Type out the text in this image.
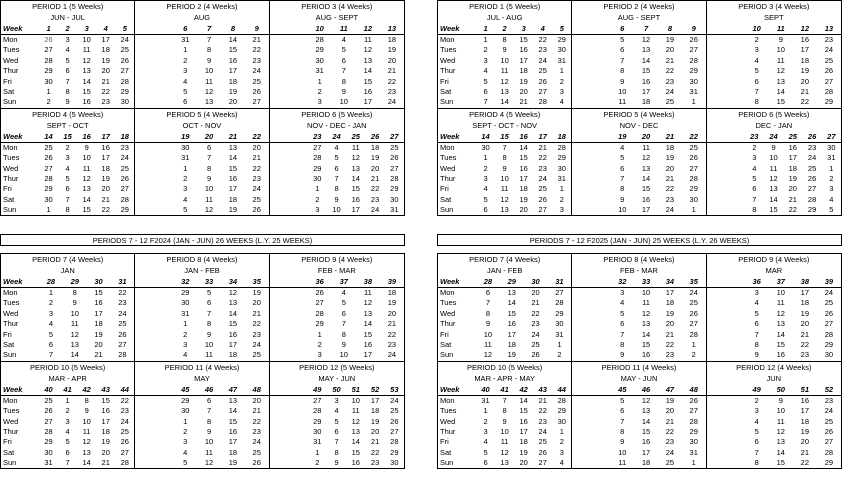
PERIOD 1 (5 Weeks)
JUN - JUL
Week	1	2	3	4	5
Mon	26	3	10	17	24
Tues	27	4	11	18	25
Wed	28	5	12	19	26
Thur	29	6	13	20	27
Fri	30	7	14	21	28
Sat	1	8	15	22	29
Sun	2	9	16	23	30
PERIOD 2 (4 Weeks)
AUG
6	7	8	9
31	7	14	21
1	8	15	22
2	9	16	23
3	10	17	24
4	11	18	25
5	12	19	26
6	13	20	27
PERIOD 3 (4 Weeks)
AUG - SEPT
10	11	12	13
28	4	11	18
29	5	12	19
30	6	13	20
31	7	14	21
1	8	15	22
2	9	16	23
3	10	17	24
PERIOD 4 (5 Weeks)
SEPT - OCT
Week	14	15	16	17	18
Mon	25	2	9	16	23
Tues	26	3	10	17	24
Wed	27	4	11	18	25
Thur	28	5	12	19	26
Fri	29	6	13	20	27
Sat	30	7	14	21	28
Sun	1	8	15	22	29
PERIOD 5 (4 Weeks)
OCT - NOV
19	20	21	22
30	6	13	20
31	7	14	21
1	8	15	22
2	9	16	23
3	10	17	24
4	11	18	25
5	12	19	26
PERIOD 6 (5 Weeks)
NOV - DEC - JAN
23	24	25	26	27
27	4	11	18	25
28	5	12	19	26
29	6	13	20	27
30	7	14	21	28
1	8	15	22	29
2	9	16	23	30
3	10	17	24	31
PERIODS 7 - 12 F2024 (JAN - JUN) 26 WEEKS (L.Y. 25 WEEKS)
PERIOD 7 (4 Weeks)
JAN
Week	28	29	30	31
Mon	1	8	15	22
Tues	2	9	16	23
Wed	3	10	17	24
Thur	4	11	18	25
Fri	5	12	19	26
Sat	6	13	20	27
Sun	7	14	21	28
PERIOD 8 (4 Weeks)
JAN - FEB
32	33	34	35
29	5	12	19
30	6	13	20
31	7	14	21
1	8	15	22
2	9	16	23
3	10	17	24
4	11	18	25
PERIOD 9 (4 Weeks)
FEB - MAR
36	37	38	39
26	4	11	18
27	5	12	19
28	6	13	20
29	7	14	21
1	8	15	22
2	9	16	23
3	10	17	24
PERIOD 10 (5 Weeks)
MAR - APR
Week	40	41	42	43	44
Mon	25	1	8	15	22
Tues	26	2	9	16	23
Wed	27	3	10	17	24
Thur	28	4	11	18	25
Fri	29	5	12	19	26
Sat	30	6	13	20	27
Sun	31	7	14	21	28
PERIOD 11 (4 Weeks)
MAY
45	46	47	48
29	6	13	20
30	7	14	21
1	8	15	22
2	9	16	23
3	10	17	24
4	11	18	25
5	12	19	26
PERIOD 12 (5 Weeks)
MAY - JUN
49	50	51	52	53
27	3	10	17	24
28	4	11	18	25
29	5	12	19	26
30	6	13	20	27
31	7	14	21	28
1	8	15	22	29
2	9	16	23	30
PERIOD 1 (5 Weeks)
JUL - AUG
Week	1	2	3	4	5
Mon	1	8	15	22	29
Tues	2	9	16	23	30
Wed	3	10	17	24	31
Thur	4	11	18	25	1
Fri	5	12	19	26	2
Sat	6	13	20	27	3
Sun	7	14	21	28	4
PERIOD 2 (4 Weeks)
AUG - SEPT
6	7	8	9
5	12	19	26
6	13	20	27
7	14	21	28
8	15	22	29
9	16	23	30
10	17	24	31
11	18	25	1
PERIOD 3 (4 Weeks)
SEPT
10	11	12	13
2	9	16	23
3	10	17	24
4	11	18	25
5	12	19	26
6	13	20	27
7	14	21	28
8	15	22	29
PERIOD 4 (5 Weeks)
SEPT - OCT - NOV
Week	14	15	16	17	18
Mon	30	7	14	21	28
Tues	1	8	15	22	29
Wed	2	9	16	23	30
Thur	3	10	17	24	31
Fri	4	11	18	25	1
Sat	5	12	19	26	2
Sun	6	13	20	27	3
PERIOD 5 (4 Weeks)
NOV - DEC
19	20	21	22
4	11	18	25
5	12	19	26
6	13	20	27
7	14	21	28
8	15	22	29
9	16	23	30
10	17	24	1
PERIOD 6 (5 Weeks)
DEC - JAN
23	24	25	26	27
2	9	16	23	30
3	10	17	24	31
4	11	18	25	1
5	12	19	26	2
6	13	20	27	3
7	14	21	28	4
8	15	22	29	5
PERIODS 7 - 12 F2025 (JAN - JUN) 25 WEEKS (L.Y. 26 WEEKS)
PERIOD 7 (4 Weeks)
JAN - FEB
Week	28	29	30	31
Mon	6	13	20	27
Tues	7	14	21	28
Wed	8	15	22	29
Thur	9	16	23	30
Fri	10	17	24	31
Sat	11	18	25	1
Sun	12	19	26	2
PERIOD 8 (4 Weeks)
FEB - MAR
32	33	34	35
3	10	17	24
4	11	18	25
5	12	19	26
6	13	20	27
7	14	21	28
8	15	22	1
9	16	23	2
PERIOD 9 (4 Weeks)
MAR
36	37	38	39
3	10	17	24
4	11	18	25
5	12	19	26
6	13	20	27
7	14	21	28
8	15	22	29
9	16	23	30
PERIOD 10 (5 Weeks)
MAR - APR - MAY
Week	40	41	42	43	44
Mon	31	7	14	21	28
Tues	1	8	15	22	29
Wed	2	9	16	23	30
Thur	3	10	17	24	1
Fri	4	11	18	25	2
Sat	5	12	19	26	3
Sun	6	13	20	27	4
PERIOD 11 (4 Weeks)
MAY - JUN
45	46	47	48
5	12	19	26
6	13	20	27
7	14	21	28
8	15	22	29
9	16	23	30
10	17	24	31
11	18	25	1
PERIOD 12 (4 Weeks)
JUN
49	50	51	52
2	9	16	23
3	10	17	24
4	11	18	25
5	12	19	26
6	13	20	27
7	14	21	28
8	15	22	29
